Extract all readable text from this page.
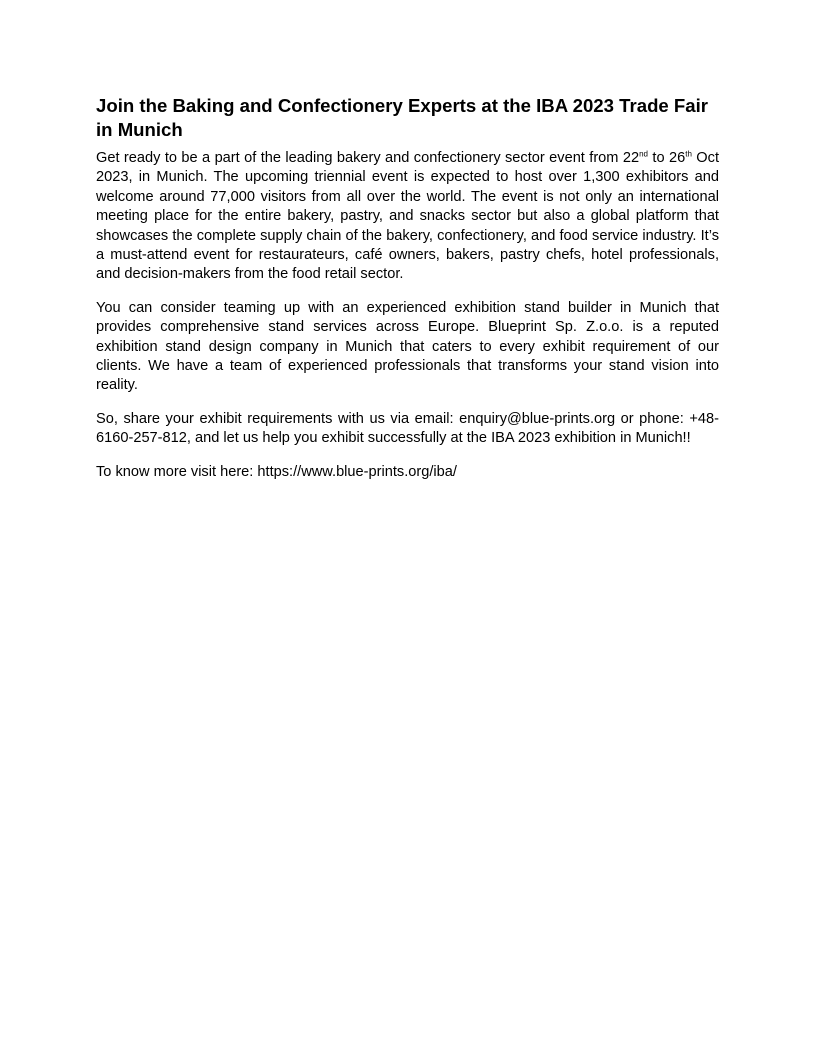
Join the Baking and Confectionery Experts at the IBA 2023 Trade Fair in Munich

Get ready to be a part of the leading bakery and confectionery sector event from 22nd to 26th Oct 2023, in Munich. The upcoming triennial event is expected to host over 1,300 exhibitors and welcome around 77,000 visitors from all over the world. The event is not only an international meeting place for the entire bakery, pastry, and snacks sector but also a global platform that showcases the complete supply chain of the bakery, confectionery, and food service industry. It’s a must-attend event for restaurateurs, café owners, bakers, pastry chefs, hotel professionals, and decision-makers from the food retail sector.

You can consider teaming up with an experienced exhibition stand builder in Munich that provides comprehensive stand services across Europe. Blueprint Sp. Z.o.o. is a reputed exhibition stand design company in Munich that caters to every exhibit requirement of our clients. We have a team of experienced professionals that transforms your stand vision into reality.

So, share your exhibit requirements with us via email: enquiry@blue-prints.org or phone: +48-6160-257-812, and let us help you exhibit successfully at the IBA 2023 exhibition in Munich!!

To know more visit here: https://www.blue-prints.org/iba/
